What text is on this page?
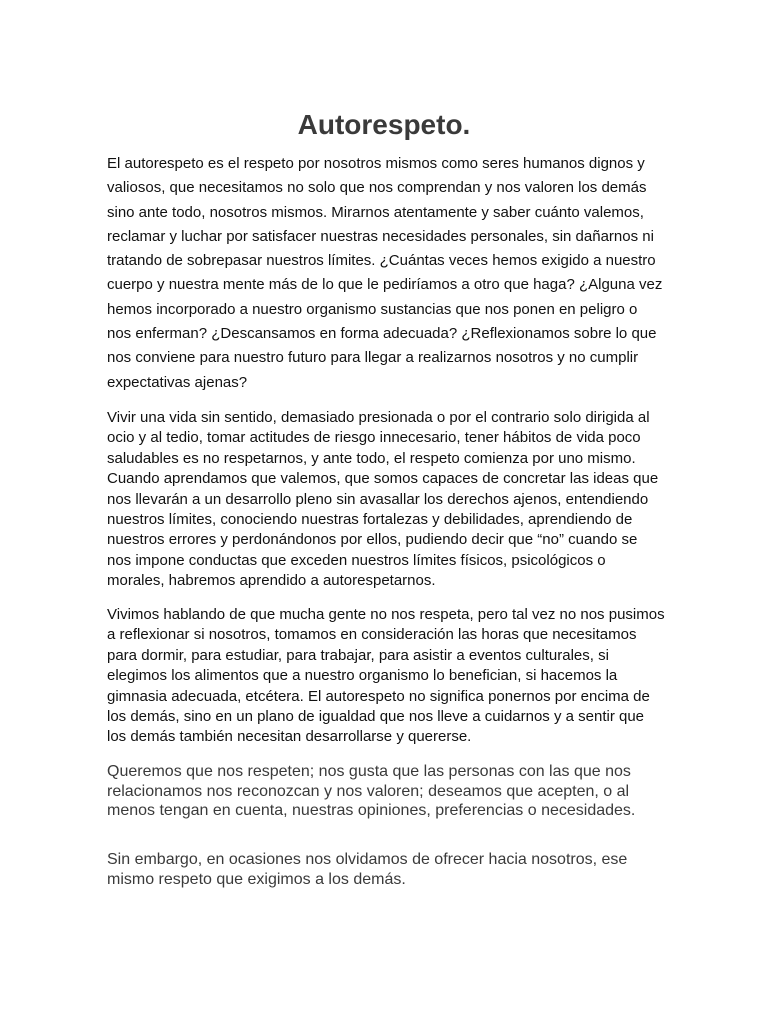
Autorespeto.

El autorespeto es el respeto por nosotros mismos como seres humanos dignos y valiosos, que necesitamos no solo que nos comprendan y nos valoren los demás sino ante todo, nosotros mismos. Mirarnos atentamente y saber cuánto valemos, reclamar y luchar por satisfacer nuestras necesidades personales, sin dañarnos ni tratando de sobrepasar nuestros límites. ¿Cuántas veces hemos exigido a nuestro cuerpo y nuestra mente más de lo que le pediríamos a otro que haga? ¿Alguna vez hemos incorporado a nuestro organismo sustancias que nos ponen en peligro o nos enferman? ¿Descansamos en forma adecuada? ¿Reflexionamos sobre lo que nos conviene para nuestro futuro para llegar a realizarnos nosotros y no cumplir expectativas ajenas?

Vivir una vida sin sentido, demasiado presionada o por el contrario solo dirigida al ocio y al tedio, tomar actitudes de riesgo innecesario, tener hábitos de vida poco saludables es no respetarnos, y ante todo, el respeto comienza por uno mismo. Cuando aprendamos que valemos, que somos capaces de concretar las ideas que nos llevarán a un desarrollo pleno sin avasallar los derechos ajenos, entendiendo nuestros límites, conociendo nuestras fortalezas y debilidades, aprendiendo de nuestros errores y perdonándonos por ellos, pudiendo decir que “no” cuando se nos impone conductas que exceden nuestros límites físicos, psicológicos o morales, habremos aprendido a autorespetarnos.

Vivimos hablando de que mucha gente no nos respeta, pero tal vez no nos pusimos a reflexionar si nosotros, tomamos en consideración las horas que necesitamos para dormir, para estudiar, para trabajar, para asistir a eventos culturales, si elegimos los alimentos que a nuestro organismo lo benefician, si hacemos la gimnasia adecuada, etcétera. El autorespeto no significa ponernos por encima de los demás, sino en un plano de igualdad que nos lleve a cuidarnos y a sentir que los demás también necesitan desarrollarse y quererse.

Queremos que nos respeten; nos gusta que las personas con las que nos relacionamos nos reconozcan y nos valoren; deseamos que acepten, o al menos tengan en cuenta, nuestras opiniones, preferencias o necesidades.

Sin embargo, en ocasiones nos olvidamos de ofrecer hacia nosotros, ese mismo respeto que exigimos a los demás.
